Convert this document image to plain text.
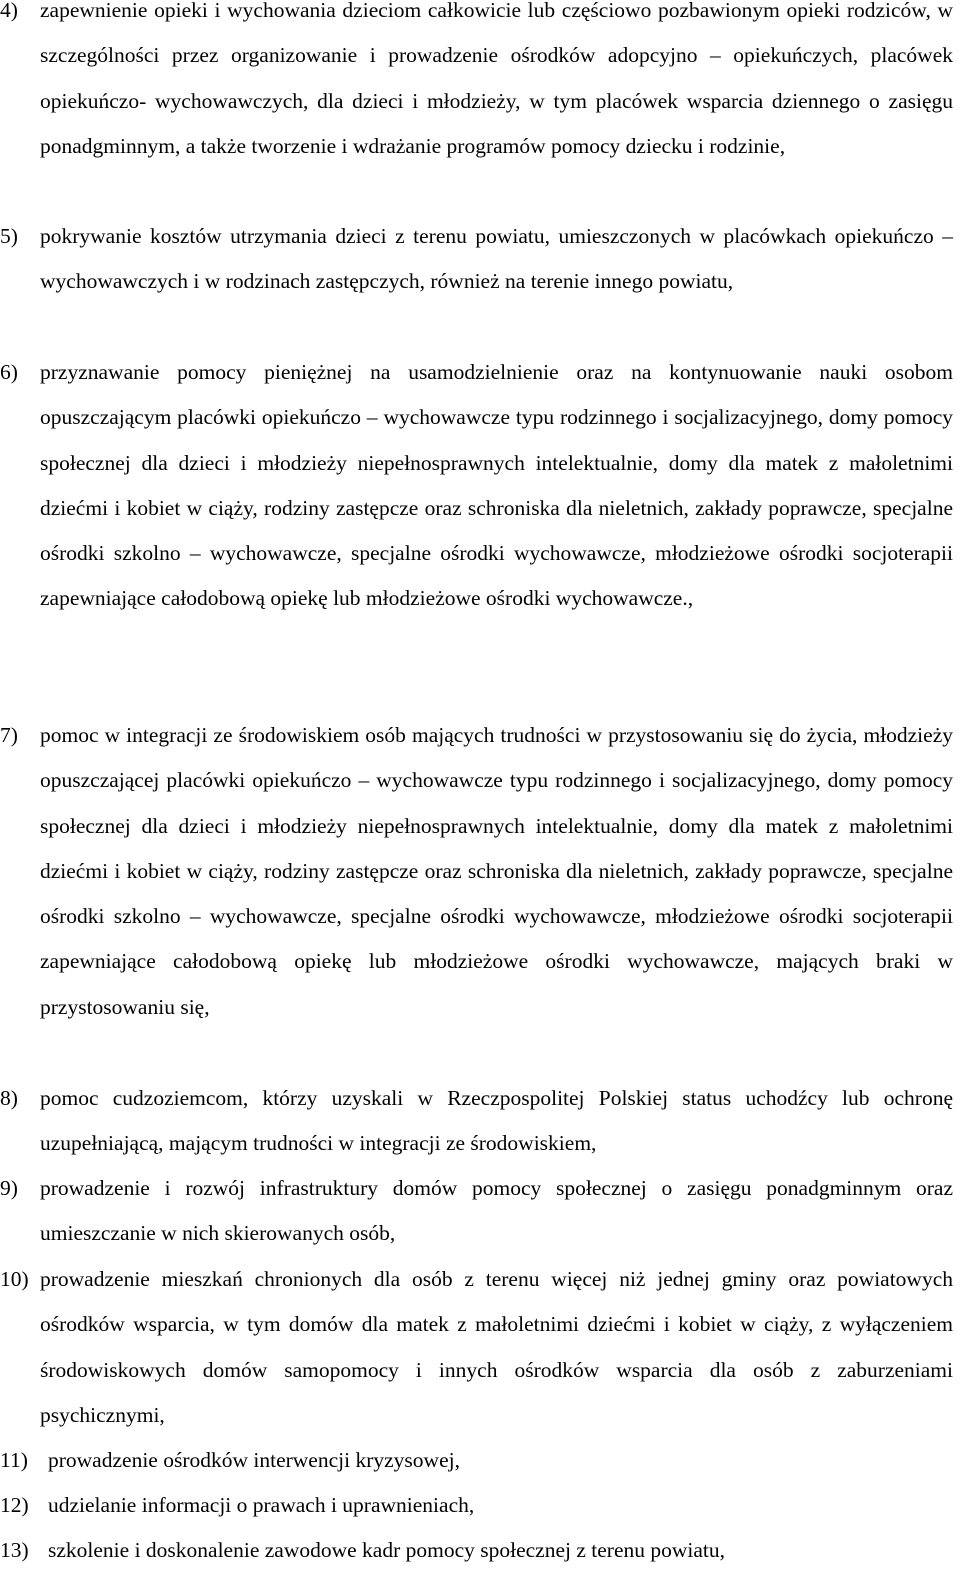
4) zapewnienie opieki i wychowania dzieciom całkowicie lub częściowo pozbawionym opieki rodziców, w szczególności przez organizowanie i prowadzenie ośrodków adopcyjno – opiekuńczych, placówek opiekuńczo- wychowawczych, dla dzieci i młodzieży, w tym placówek wsparcia dziennego o zasięgu ponadgminnym, a także tworzenie i wdrażanie programów pomocy dziecku i rodzinie,
5) pokrywanie kosztów utrzymania dzieci z terenu powiatu, umieszczonych w placówkach opiekuńczo – wychowawczych i w rodzinach zastępczych, również na terenie innego powiatu,
6) przyznawanie pomocy pieniężnej na usamodzielnienie oraz na kontynuowanie nauki osobom opuszczającym placówki opiekuńczo – wychowawcze typu rodzinnego i socjalizacyjnego, domy pomocy społecznej dla dzieci i młodzieży niepełnosprawnych intelektualnie, domy dla matek z małoletnimi dziećmi i kobiet w ciąży, rodziny zastępcze oraz schroniska dla nieletnich, zakłady poprawcze, specjalne ośrodki szkolno – wychowawcze, specjalne ośrodki wychowawcze, młodzieżowe ośrodki socjoterapii zapewniające całodobową opiekę lub młodzieżowe ośrodki wychowawcze.,
7) pomoc w integracji ze środowiskiem osób mających trudności w przystosowaniu się do życia, młodzieży opuszczającej placówki opiekuńczo – wychowawcze typu rodzinnego i socjalizacyjnego, domy pomocy społecznej dla dzieci i młodzieży niepełnosprawnych intelektualnie, domy dla matek z małoletnimi dziećmi i kobiet w ciąży, rodziny zastępcze oraz schroniska dla nieletnich, zakłady poprawcze, specjalne ośrodki szkolno – wychowawcze, specjalne ośrodki wychowawcze, młodzieżowe ośrodki socjoterapii zapewniające całodobową opiekę lub młodzieżowe ośrodki wychowawcze, mających braki w przystosowaniu się,
8) pomoc cudzoziemcom, którzy uzyskali w Rzeczpospolitej Polskiej status uchodźcy lub ochronę uzupełniającą, mającym trudności w integracji ze środowiskiem,
9) prowadzenie i rozwój infrastruktury domów pomocy społecznej o zasięgu ponadgminnym oraz umieszczanie w nich skierowanych osób,
10) prowadzenie mieszkań chronionych dla osób z terenu więcej niż jednej gminy oraz powiatowych ośrodków wsparcia, w tym domów dla matek z małoletnimi dziećmi i kobiet w ciąży, z wyłączeniem środowiskowych domów samopomocy i innych ośrodków wsparcia dla osób z zaburzeniami psychicznymi,
11) prowadzenie ośrodków interwencji kryzysowej,
12) udzielanie informacji o prawach i uprawnieniach,
13) szkolenie i doskonalenie zawodowe kadr pomocy społecznej z terenu powiatu,
